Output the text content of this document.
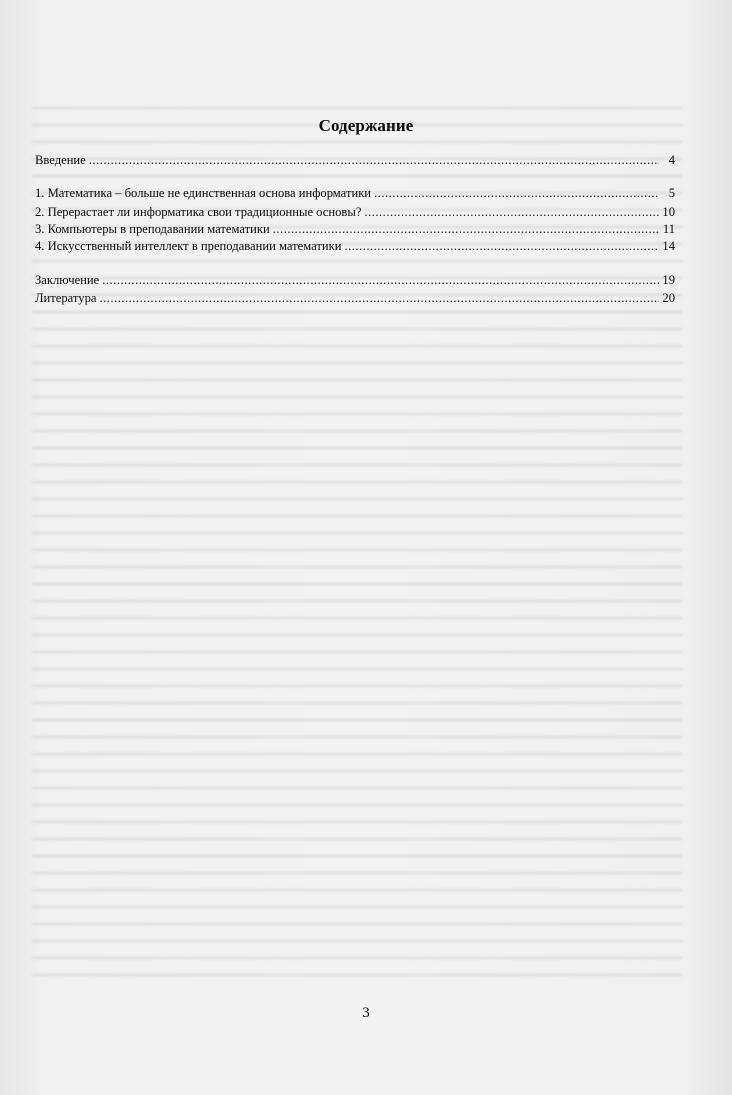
Содержание
Введение .....	4
1. Математика – больше не единственная основа информатики .....	5
2. Перерастает ли информатика свои традиционные основы? .....	10
3. Компьютеры в преподавании математики .....	11
4. Искусственный интеллект в преподавании математики .....	14
Заключение .....	19
Литература .....	20
3
